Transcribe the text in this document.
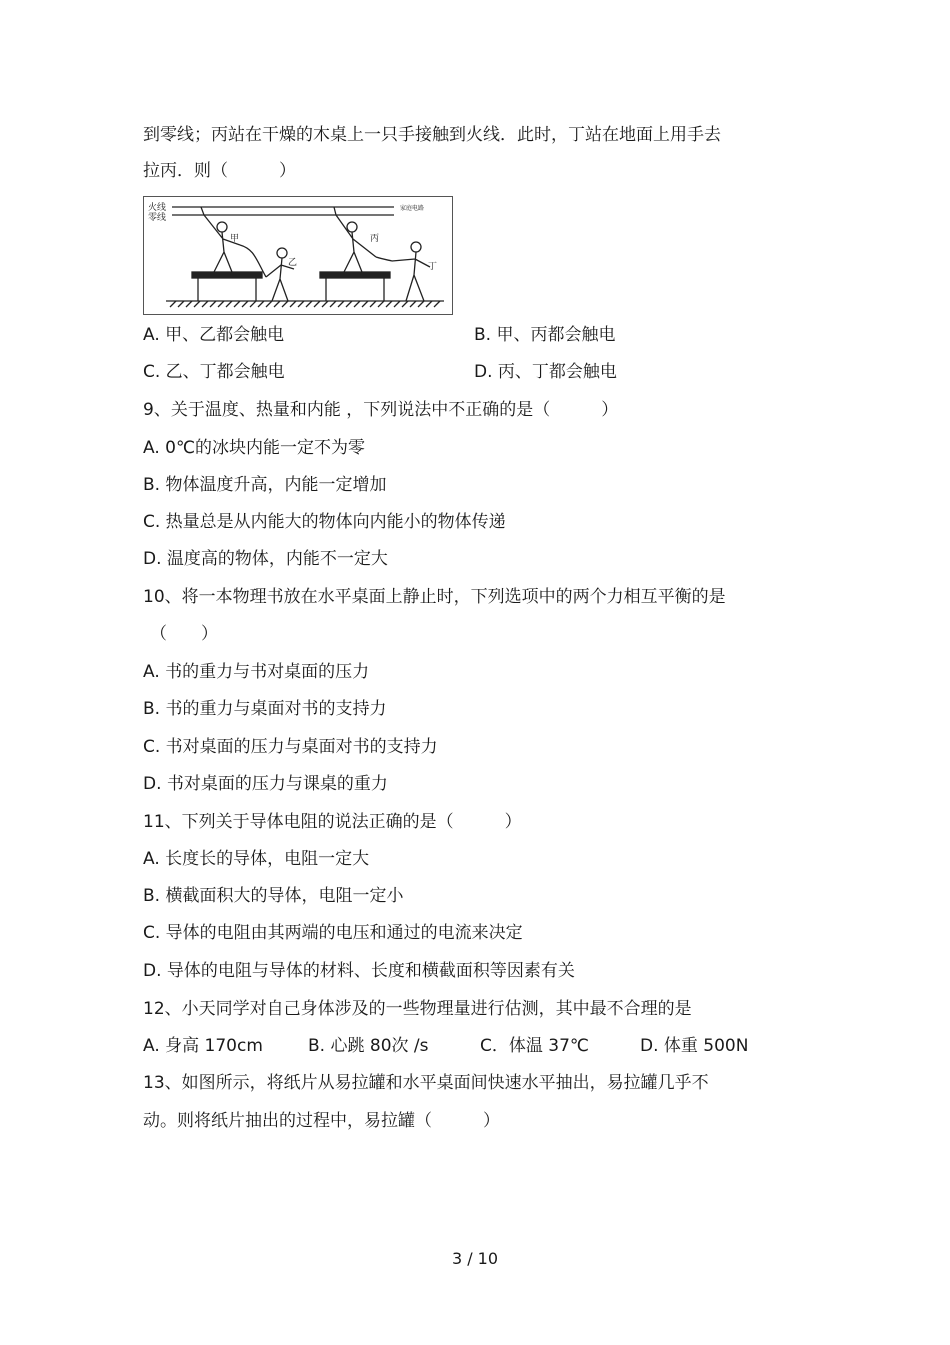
到零线；丙站在干燥的木桌上一只手接触到火线．此时，丁站在地面上用手去
拉丙．则（　　　）
火线
零线
家庭电路
甲
乙
丙
丁
A. 甲、乙都会触电	B. 甲、丙都会触电
C. 乙、丁都会触电	D. 丙、丁都会触电
9、关于温度、热量和内能 ，下列说法中不正确的是（　　　）
A. 0℃的冰块内能一定不为零
B. 物体温度升高，内能一定增加
C. 热量总是从内能大的物体向内能小的物体传递
D. 温度高的物体，内能不一定大
10、将一本物理书放在水平桌面上静止时，下列选项中的两个力相互平衡的是
（　　）
A. 书的重力与书对桌面的压力
B. 书的重力与桌面对书的支持力
C. 书对桌面的压力与桌面对书的支持力
D. 书对桌面的压力与课桌的重力
11、下列关于导体电阻的说法正确的是（　　　）
A. 长度长的导体，电阻一定大
B. 横截面积大的导体，电阻一定小
C. 导体的电阻由其两端的电压和通过的电流来决定
D. 导体的电阻与导体的材料、长度和横截面积等因素有关
12、小天同学对自己身体涉及的一些物理量进行估测，其中最不合理的是
A. 身高 170cm	B. 心跳 80次 /s	C．体温 37℃	D. 体重 500N
13、如图所示，将纸片从易拉罐和水平桌面间快速水平抽出，易拉罐几乎不
动。则将纸片抽出的过程中，易拉罐（　　　）
3 / 10
